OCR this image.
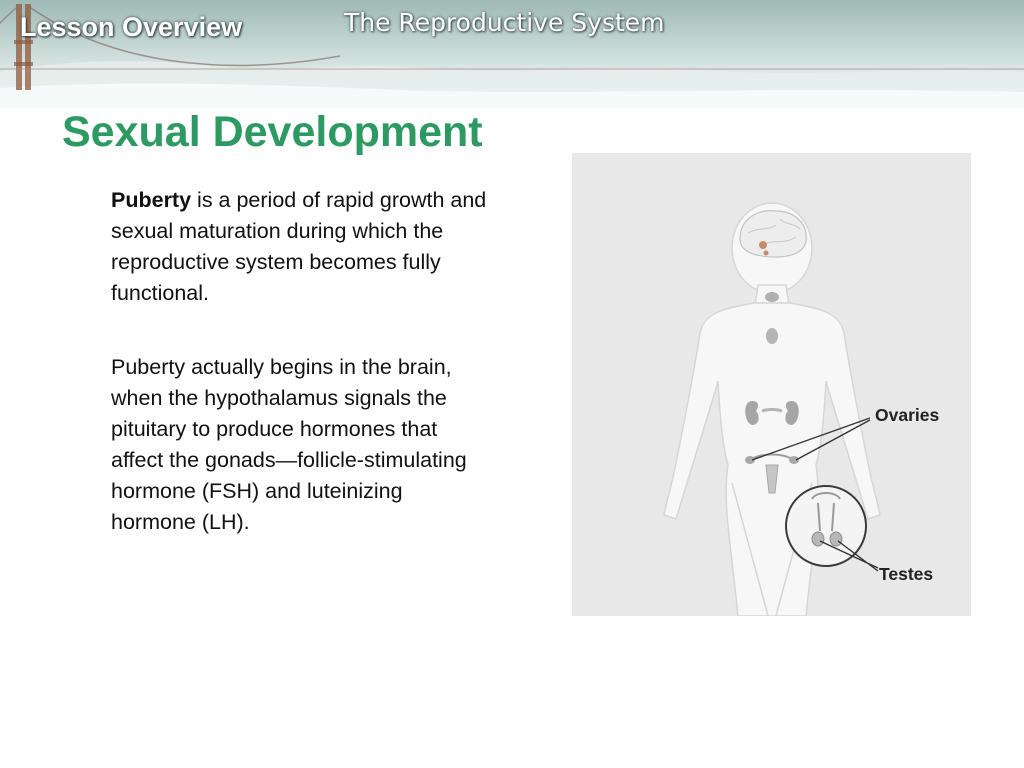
Lesson Overview	The Reproductive System
Sexual Development

Puberty is a period of rapid growth and sexual maturation during which the reproductive system becomes fully functional.

Puberty actually begins in the brain, when the hypothalamus signals the pituitary to produce hormones that affect the gonads—follicle-stimulating hormone (FSH) and luteinizing hormone (LH).

Ovaries
Testes
